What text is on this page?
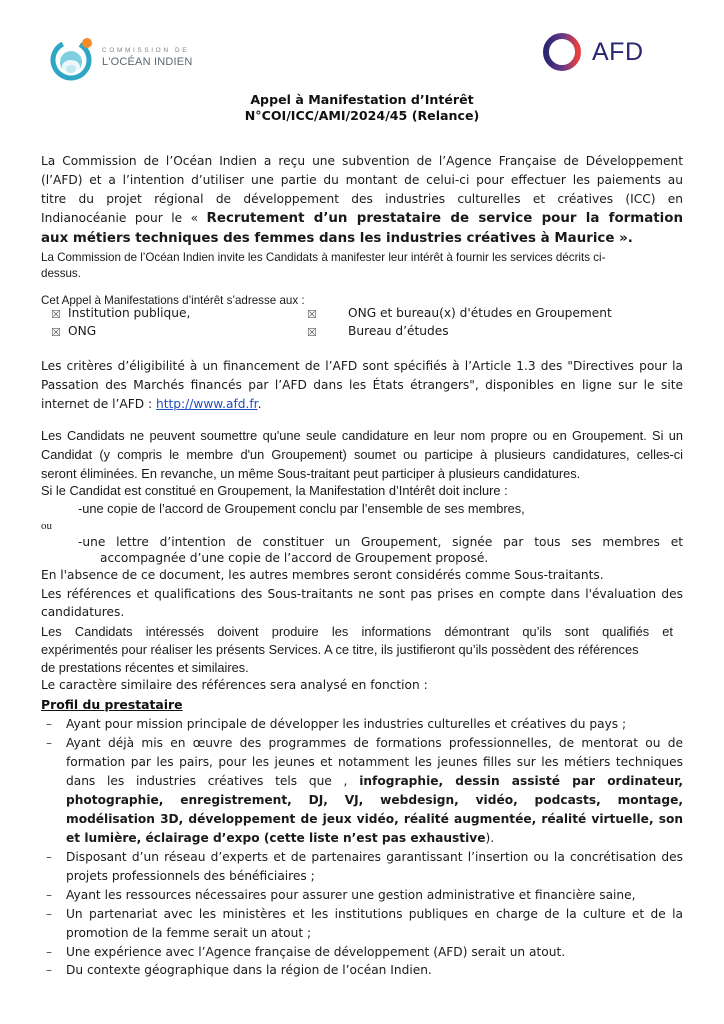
COMMISSION DE
L'OCÉAN INDIEN	AFD
Appel à Manifestation d’Intérêt
N°COI/ICC/AMI/2024/45 (Relance)
La Commission de l’Océan Indien a reçu une subvention de l’Agence Française de Développement
(l’AFD) et a l’intention d’utiliser une partie du montant de celui-ci pour effectuer les paiements au
titre du projet régional de développement des industries culturelles et créatives (ICC) en
Indianocéanie pour le « Recrutement d’un prestataire de service pour la formation
aux métiers techniques des femmes dans les industries créatives à Maurice ».
La Commission de l’Océan Indien invite les Candidats à manifester leur intérêt à fournir les services décrits ci-
dessus.
Cet Appel à Manifestations d’intérêt s’adresse aux :
☒ Institution publique,	☒	ONG et bureau(x) d'études en Groupement
☒ ONG	☒	Bureau d’études
Les critères d’éligibilité à un financement de l’AFD sont spécifiés à l’Article 1.3 des "Directives pour la
Passation des Marchés financés par l’AFD dans les États étrangers", disponibles en ligne sur le site
internet de l’AFD : http://www.afd.fr.
Les Candidats ne peuvent soumettre qu'une seule candidature en leur nom propre ou en Groupement. Si un
Candidat (y compris le membre d'un Groupement) soumet ou participe à plusieurs candidatures, celles-ci
seront éliminées. En revanche, un même Sous-traitant peut participer à plusieurs candidatures.
Si le Candidat est constitué en Groupement, la Manifestation d’Intérêt doit inclure :
-une copie de l’accord de Groupement conclu par l’ensemble de ses membres,
ou
-une lettre d’intention de constituer un Groupement, signée par tous ses membres et
accompagnée d’une copie de l’accord de Groupement proposé.
En l'absence de ce document, les autres membres seront considérés comme Sous-traitants.
Les références et qualifications des Sous-traitants ne sont pas prises en compte dans l'évaluation des
candidatures.
Les Candidats intéressés doivent produire les informations démontrant qu’ils sont qualifiés et
expérimentés pour réaliser les présents Services. A ce titre, ils justifieront qu’ils possèdent des références
de prestations récentes et similaires.
Le caractère similaire des références sera analysé en fonction :
Profil du prestataire
– Ayant pour mission principale de développer les industries culturelles et créatives du pays ;
– Ayant déjà mis en œuvre des programmes de formations professionnelles, de mentorat ou de
formation par les pairs, pour les jeunes et notamment les jeunes filles sur les métiers techniques
dans les industries créatives tels que , infographie, dessin assisté par ordinateur,
photographie, enregistrement, DJ, VJ, webdesign, vidéo, podcasts, montage,
modélisation 3D, développement de jeux vidéo, réalité augmentée, réalité virtuelle, son
et lumière, éclairage d’expo (cette liste n’est pas exhaustive).
– Disposant d’un réseau d’experts et de partenaires garantissant l’insertion ou la concrétisation des
projets professionnels des bénéficiaires ;
– Ayant les ressources nécessaires pour assurer une gestion administrative et financière saine,
– Un partenariat avec les ministères et les institutions publiques en charge de la culture et de la
promotion de la femme serait un atout ;
– Une expérience avec l’Agence française de développement (AFD) serait un atout.
– Du contexte géographique dans la région de l’océan Indien.
